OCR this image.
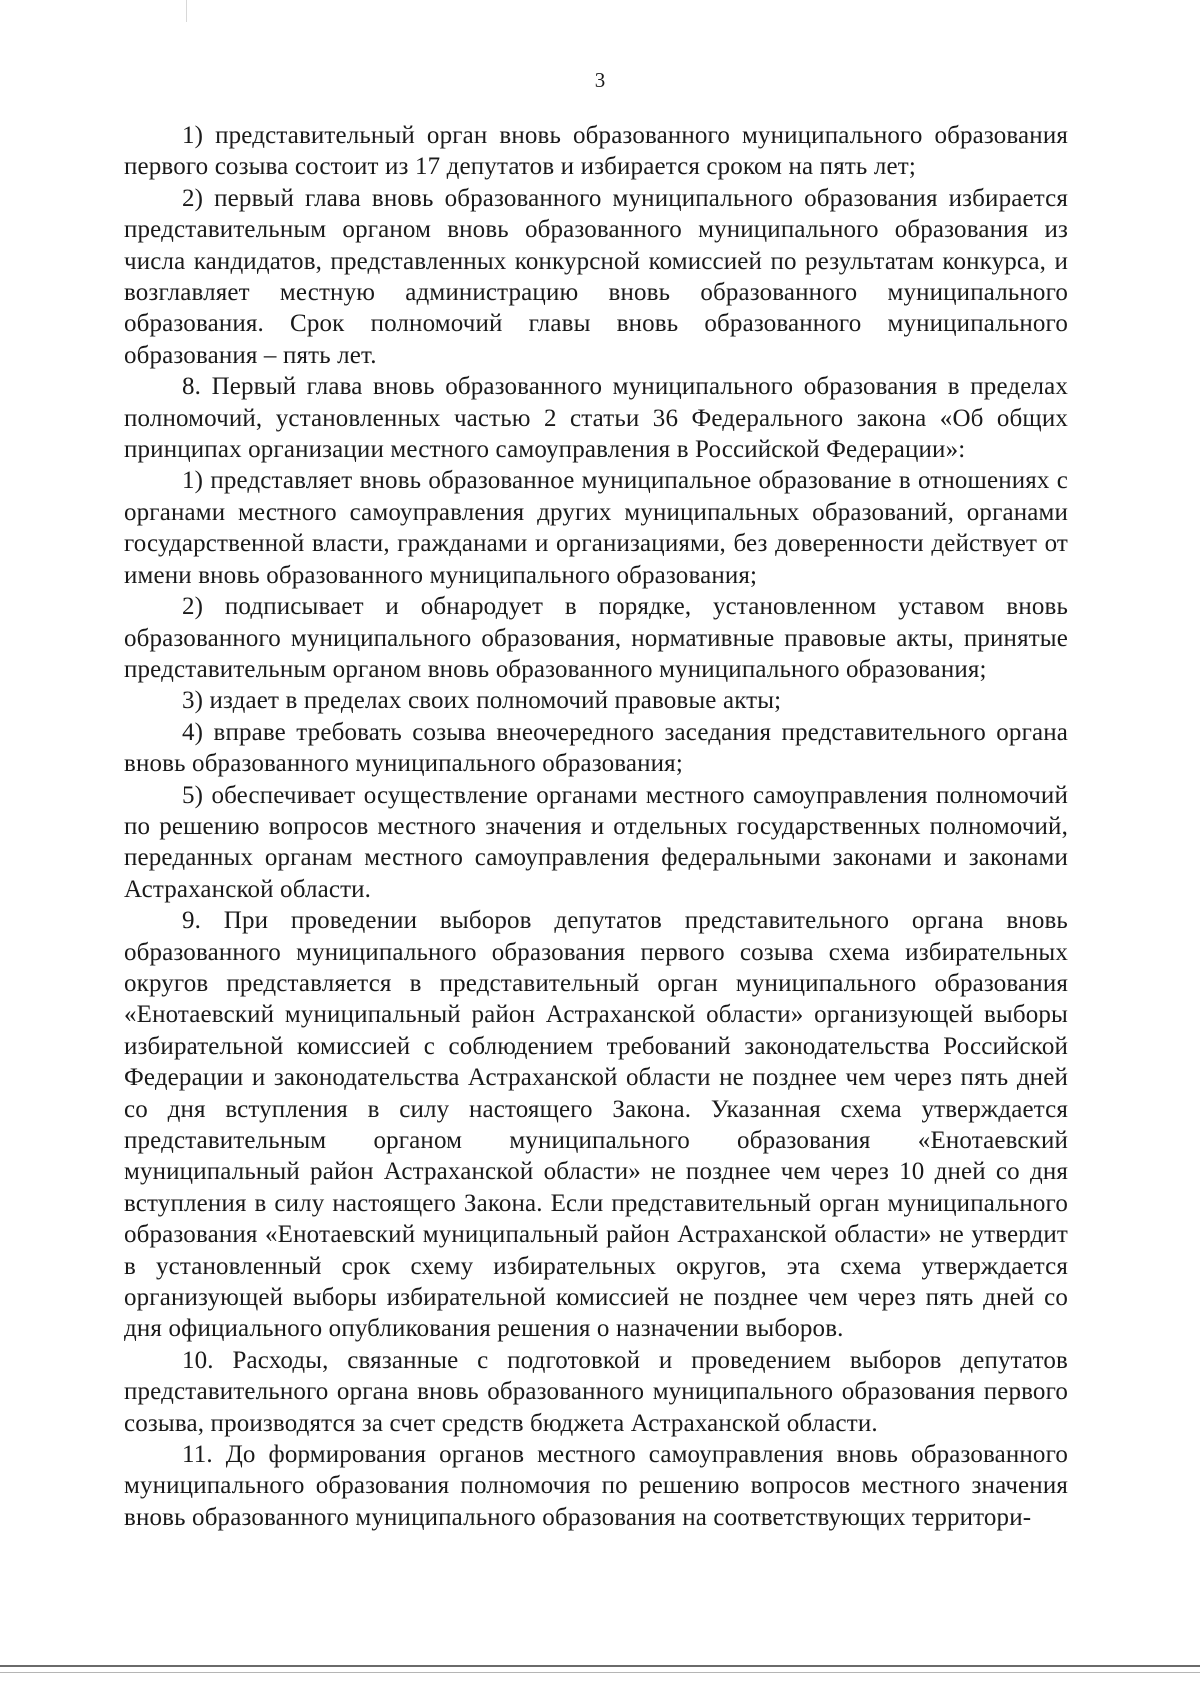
3

1) представительный орган вновь образованного муниципального образования первого созыва состоит из 17 депутатов и избирается сроком на пять лет;

2) первый глава вновь образованного муниципального образования избирается представительным органом вновь образованного муниципального образования из числа кандидатов, представленных конкурсной комиссией по результатам конкурса, и возглавляет местную администрацию вновь образованного муниципального образования. Срок полномочий главы вновь образованного муниципального образования – пять лет.

8. Первый глава вновь образованного муниципального образования в пределах полномочий, установленных частью 2 статьи 36 Федерального закона «Об общих принципах организации местного самоуправления в Российской Федерации»:

1) представляет вновь образованное муниципальное образование в отношениях с органами местного самоуправления других муниципальных образований, органами государственной власти, гражданами и организациями, без доверенности действует от имени вновь образованного муниципального образования;

2) подписывает и обнародует в порядке, установленном уставом вновь образованного муниципального образования, нормативные правовые акты, принятые представительным органом вновь образованного муниципального образования;

3) издает в пределах своих полномочий правовые акты;

4) вправе требовать созыва внеочередного заседания представительного органа вновь образованного муниципального образования;

5) обеспечивает осуществление органами местного самоуправления полномочий по решению вопросов местного значения и отдельных государственных полномочий, переданных органам местного самоуправления федеральными законами и законами Астраханской области.

9. При проведении выборов депутатов представительного органа вновь образованного муниципального образования первого созыва схема избирательных округов представляется в представительный орган муниципального образования «Енотаевский муниципальный район Астраханской области» организующей выборы избирательной комиссией с соблюдением требований законодательства Российской Федерации и законодательства Астраханской области не позднее чем через пять дней со дня вступления в силу настоящего Закона. Указанная схема утверждается представительным органом муниципального образования «Енотаевский муниципальный район Астраханской области» не позднее чем через 10 дней со дня вступления в силу настоящего Закона. Если представительный орган муниципального образования «Енотаевский муниципальный район Астраханской области» не утвердит в установленный срок схему избирательных округов, эта схема утверждается организующей выборы избирательной комиссией не позднее чем через пять дней со дня официального опубликования решения о назначении выборов.

10. Расходы, связанные с подготовкой и проведением выборов депутатов представительного органа вновь образованного муниципального образования первого созыва, производятся за счет средств бюджета Астраханской области.

11. До формирования органов местного самоуправления вновь образованного муниципального образования полномочия по решению вопросов местного значения вновь образованного муниципального образования на соответствующих территори-
